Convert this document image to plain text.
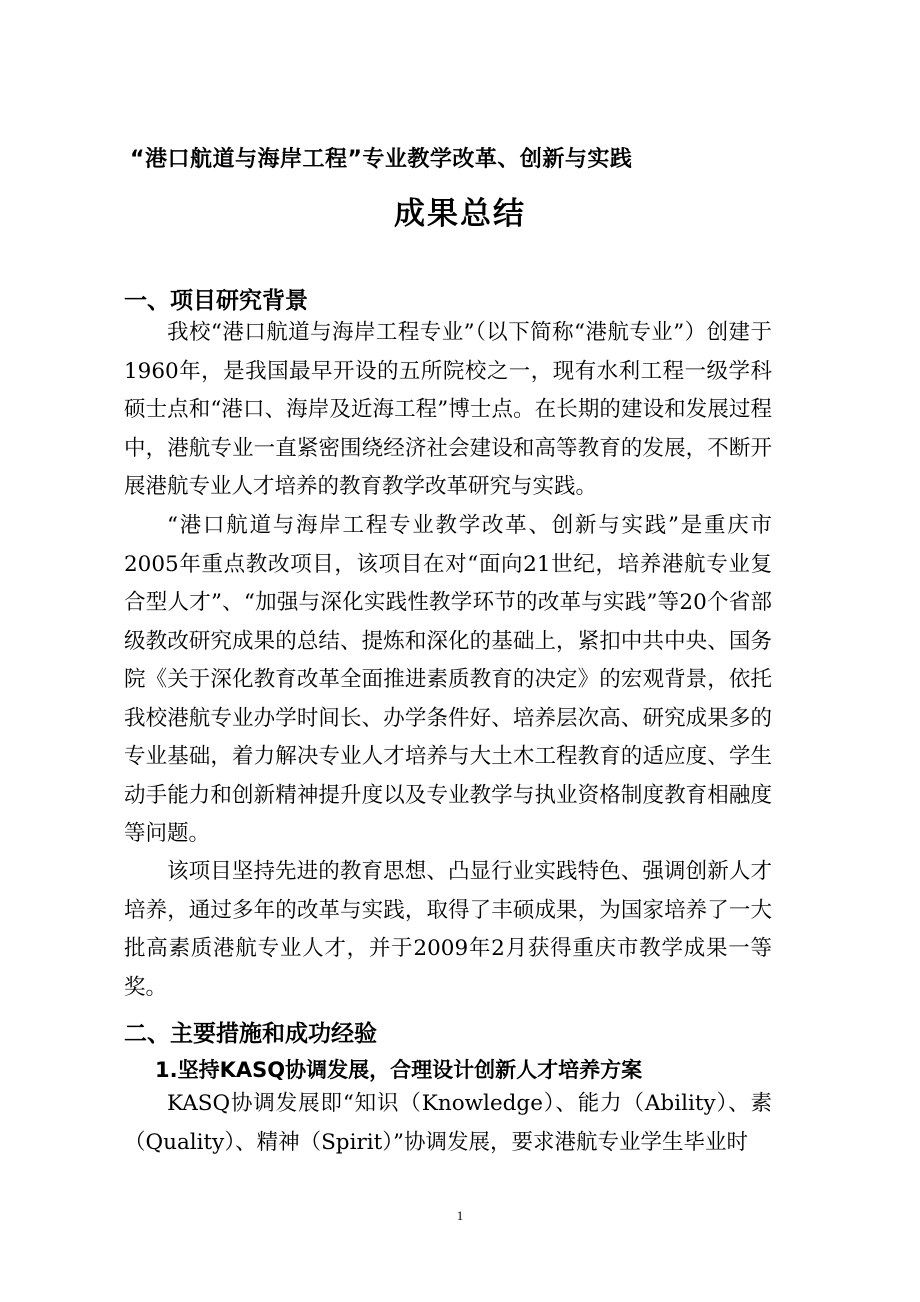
“港口航道与海岸工程”专业教学改革、创新与实践
成果总结
一、项目研究背景

我校“港口航道与海岸工程专业”（以下简称“港航专业”）创建于1960年，是我国最早开设的五所院校之一，现有水利工程一级学科硕士点和“港口、海岸及近海工程”博士点。在长期的建设和发展过程中，港航专业一直紧密围绕经济社会建设和高等教育的发展，不断开展港航专业人才培养的教育教学改革研究与实践。

“港口航道与海岸工程专业教学改革、创新与实践”是重庆市2005年重点教改项目，该项目在对“面向21世纪，培养港航专业复合型人才”、“加强与深化实践性教学环节的改革与实践”等20个省部级教改研究成果的总结、提炼和深化的基础上，紧扣中共中央、国务院《关于深化教育改革全面推进素质教育的决定》的宏观背景，依托我校港航专业办学时间长、办学条件好、培养层次高、研究成果多的专业基础，着力解决专业人才培养与大土木工程教育的适应度、学生动手能力和创新精神提升度以及专业教学与执业资格制度教育相融度等问题。

该项目坚持先进的教育思想、凸显行业实践特色、强调创新人才培养，通过多年的改革与实践，取得了丰硕成果，为国家培养了一大批高素质港航专业人才，并于2009年2月获得重庆市教学成果一等奖。

二、主要措施和成功经验
1.坚持KASQ协调发展，合理设计创新人才培养方案

KASQ协调发展即“知识（Knowledge）、能力（Ability）、素（Quality）、精神（Spirit）”协调发展，要求港航专业学生毕业时

1
